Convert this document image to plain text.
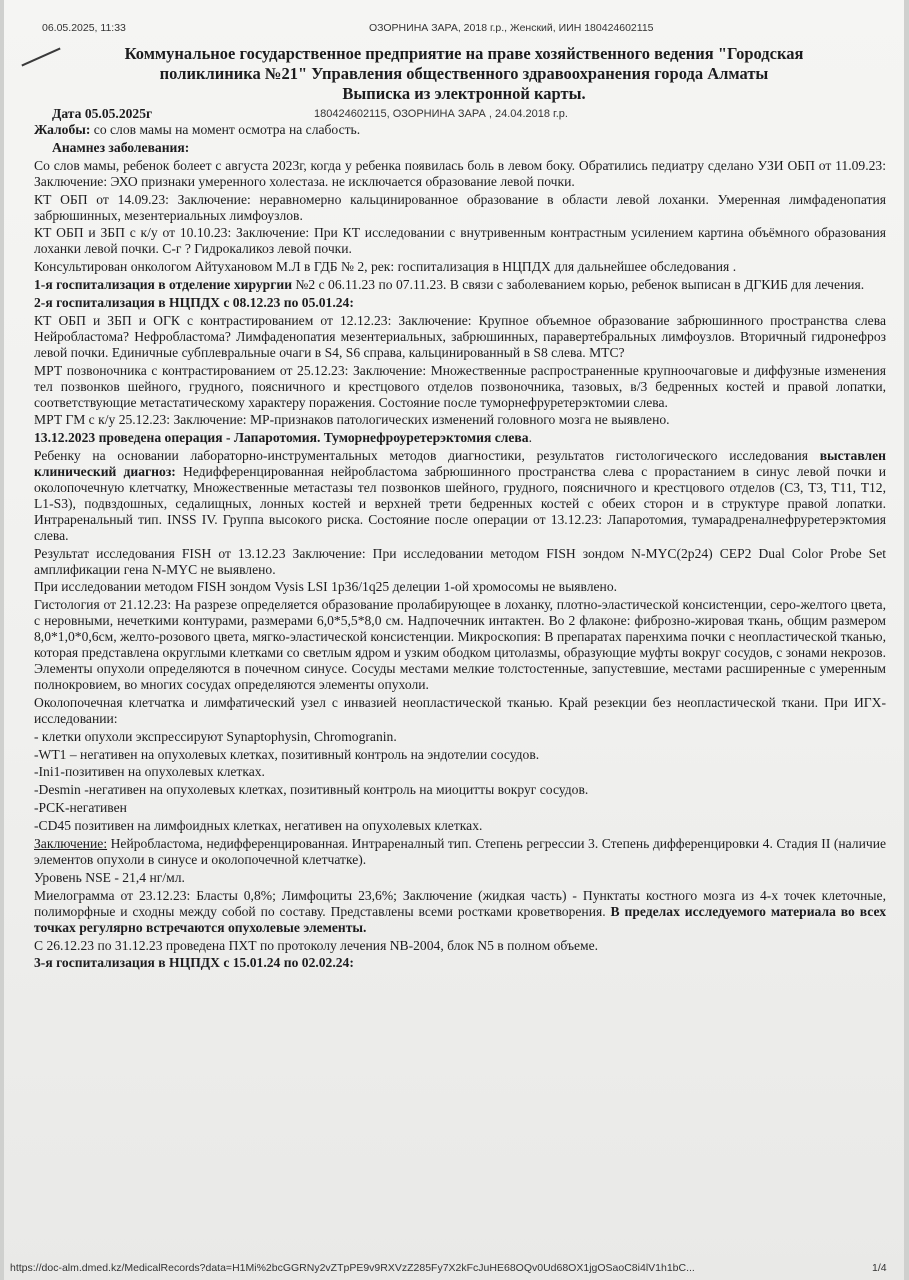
06.05.2025, 11:33	ОЗОРНИНА ЗАРА, 2018 г.р., Женский, ИИН 180424602115
Коммунальное государственное предприятие на праве хозяйственного ведения "Городская
поликлиника №21" Управления общественного здравоохранения города Алматы
Выписка из электронной карты.
Дата 05.05.2025г	180424602115, ОЗОРНИНА ЗАРА , 24.04.2018 г.р.

Жалобы: со слов мамы на момент осмотра на слабость.

Анамнез заболевания:

Со слов мамы, ребенок болеет с августа 2023г, когда у ребенка появилась боль в левом боку. Обратились педиатру сделано УЗИ ОБП от 11.09.23: Заключение: ЭХО признаки умеренного холестаза. не исключается образование левой почки.

КТ ОБП от 14.09.23: Заключение: неравномерно кальцинированное образование в области левой лоханки. Умеренная лимфаденопатия забрюшинных, мезентериальных лимфоузлов.

КТ ОБП и ЗБП с к/у от 10.10.23: Заключение: При КТ исследовании с внутривенным контрастным усилением картина объёмного образования лоханки левой почки. С-г ? Гидрокаликоз левой почки.

Консультирован онкологом Айтухановом М.Л в ГДБ № 2, рек: госпитализация в НЦПДХ для дальнейшее обследования .

1-я госпитализация в отделение хирургии №2 с 06.11.23 по 07.11.23. В связи с заболеванием корью, ребенок выписан в ДГКИБ для лечения.

2-я госпитализация в НЦПДХ с 08.12.23 по 05.01.24:

КТ ОБП и ЗБП и ОГК с контрастированием от 12.12.23: Заключение: Крупное объемное образование забрюшинного пространства слева Нейробластома? Нефробластома? Лимфаденопатия мезентериальных, забрюшинных, паравертебральных лимфоузлов. Вторичный гидронефроз левой почки. Единичные субплевральные очаги в S4, S6 справа, кальцинированный в S8 слева. МТС?

МРТ позвоночника с контрастированием от 25.12.23: Заключение: Множественные распространенные крупноочаговые и диффузные изменения тел позвонков шейного, грудного, поясничного и крестцового отделов позвоночника, тазовых, в/3 бедренных костей и правой лопатки, соответствующие метастатическому характеру поражения. Состояние после туморнефруретерэктомии слева.

МРТ ГМ с к/у 25.12.23: Заключение: МР-признаков патологических изменений головного мозга не выявлено.

13.12.2023 проведена операция - Лапаротомия. Туморнефроуретерэктомия слева.

Ребенку на основании лабораторно-инструментальных методов диагностики, результатов гистологического исследования выставлен клинический диагноз: Недифференцированная нейробластома забрюшинного пространства слева с прорастанием в синус левой почки и околопочечную клетчатку, Множественные метастазы тел позвонков шейного, грудного, поясничного и крестцового отделов (C3, T3, T11, T12, L1-S3), подвздошных, седалищных, лонных костей и верхней трети бедренных костей с обеих сторон и в структуре правой лопатки. Интраренальный тип. INSS IV. Группа высокого риска. Состояние после операции от 13.12.23: Лапаротомия, тумарадреналнефруретерэктомия слева.

Результат исследования FISH от 13.12.23 Заключение: При исследовании методом FISH зондом N-MYC(2p24) CEP2 Dual Color Probe Set амплификации гена N-MYC не выявлено.

При исследовании методом FISH зондом Vysis LSI 1p36/1q25 делеции 1-ой хромосомы не выявлено.

Гистология от 21.12.23: На разрезе определяется образование пролабирующее в лоханку, плотно-эластической консистенции, серо-желтого цвета, с неровными, нечеткими контурами, размерами 6,0*5,5*8,0 см. Надпочечник интактен. Во 2 флаконе: фиброзно-жировая ткань, общим размером 8,0*1,0*0,6см, желто-розового цвета, мягко-эластической консистенции. Микроскопия: В препаратах паренхима почки с неопластической тканью, которая представлена округлыми клетками со светлым ядром и узким ободком цитолазмы, образующие муфты вокруг сосудов, с зонами некрозов. Элементы опухоли определяются в почечном синусе. Сосуды местами мелкие толстостенные, запустевшие, местами расширенные с умеренным полнокровием, во многих сосудах определяются элементы опухоли.

Околопочечная клетчатка и лимфатический узел с инвазией неопластической тканью. Край резекции без неопластической ткани. При ИГХ-исследовании:

- клетки опухоли экспрессируют Synaptophysin, Chromogranin.

-WT1 – негативен на опухолевых клетках, позитивный контроль на эндотелии сосудов.

-Ini1-позитивен на опухолевых клетках.

-Desmin -негативен на опухолевых клетках, позитивный контроль на миоцитты вокруг сосудов.

-PCK-негативен

-CD45 позитивен на лимфоидных клетках, негативен на опухолевых клетках.

Заключение: Нейробластома, недифференцированная. Интрареналный тип. Степень регрессии 3. Степень дифференцировки 4. Стадия II (наличие элементов опухоли в синусе и околопочечной клетчатке).

Уровень NSE - 21,4 нг/мл.

Миелограмма от 23.12.23: Бласты 0,8%; Лимфоциты 23,6%; Заключение (жидкая часть) - Пунктаты костного мозга из 4-х точек клеточные, полиморфные и сходны между собой по составу. Представлены всеми ростками кроветворения. В пределах исследуемого материала во всех точках регулярно встречаются опухолевые элементы.

С 26.12.23 по 31.12.23 проведена ПХТ по протоколу лечения NB-2004, блок N5 в полном объеме.

3-я госпитализация в НЦПДХ с 15.01.24 по 02.02.24:

https://doc-alm.dmed.kz/MedicalRecords?data=H1Mi%2bcGGRNy2vZTpPE9v9RXVzZ285Fy7X2kFcJuHE68OQv0Ud68OX1jgOSaoC8i4lV1h1bC...	1/4
